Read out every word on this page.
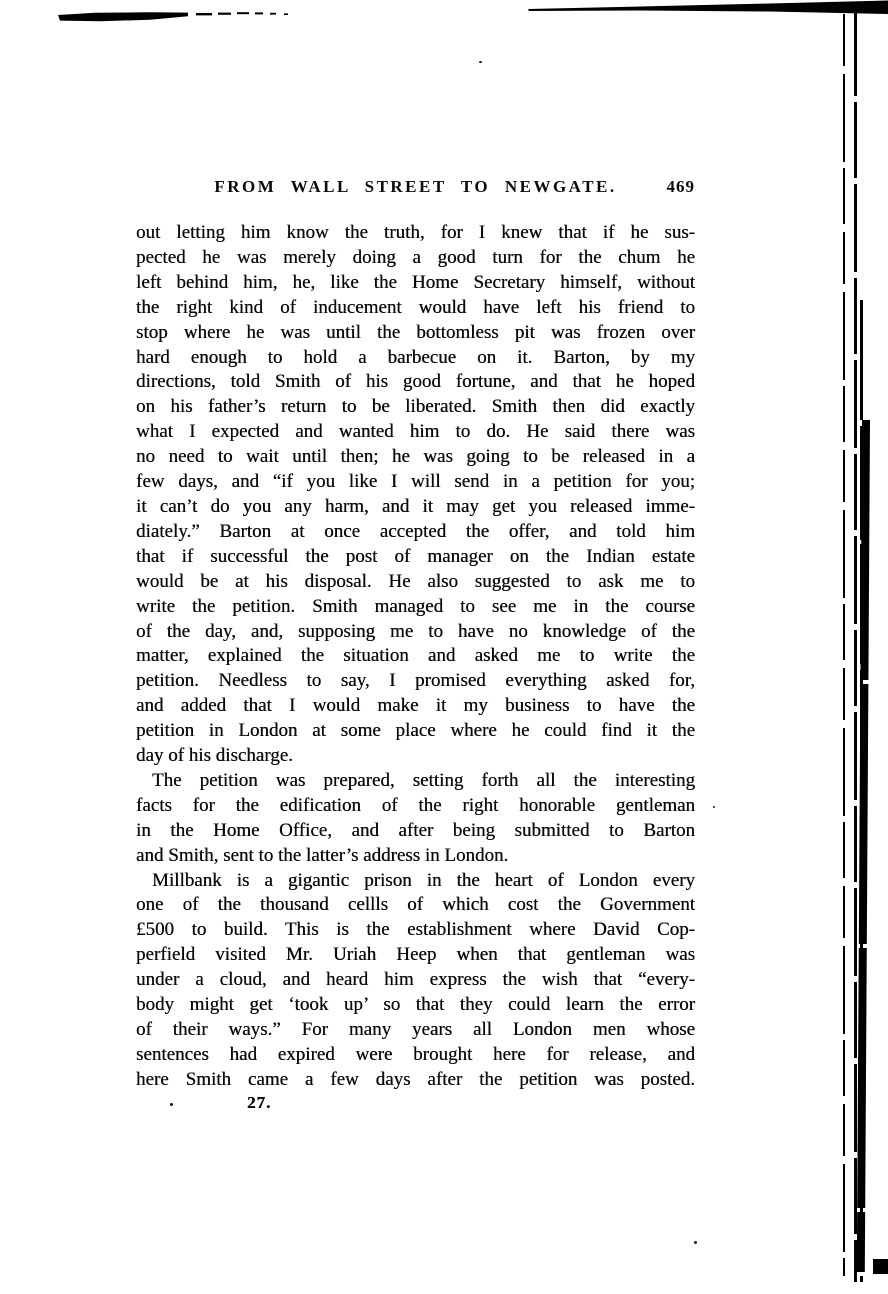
FROM WALL STREET TO NEWGATE.	469
out letting him know the truth, for I knew that if he sus-
pected he was merely doing a good turn for the chum he
left behind him, he, like the Home Secretary himself, without
the right kind of inducement would have left his friend to
stop where he was until the bottomless pit was frozen over
hard enough to hold a barbecue on it. Barton, by my
directions, told Smith of his good fortune, and that he hoped
on his father’s return to be liberated. Smith then did exactly
what I expected and wanted him to do. He said there was
no need to wait until then; he was going to be released in a
few days, and “if you like I will send in a petition for you;
it can’t do you any harm, and it may get you released imme-
diately.” Barton at once accepted the offer, and told him
that if successful the post of manager on the Indian estate
would be at his disposal. He also suggested to ask me to
write the petition. Smith managed to see me in the course
of the day, and, supposing me to have no knowledge of the
matter, explained the situation and asked me to write the
petition. Needless to say, I promised everything asked for,
and added that I would make it my business to have the
petition in London at some place where he could find it the
day of his discharge.
The petition was prepared, setting forth all the interesting
facts for the edification of the right honorable gentleman
in the Home Office, and after being submitted to Barton
and Smith, sent to the latter’s address in London.
Millbank is a gigantic prison in the heart of London every
one of the thousand cellls of which cost the Government
£500 to build. This is the establishment where David Cop-
perfield visited Mr. Uriah Heep when that gentleman was
under a cloud, and heard him express the wish that “every-
body might get ‘took up’ so that they could learn the error
of their ways.” For many years all London men whose
sentences had expired were brought here for release, and
here Smith came a few days after the petition was posted.
27.
